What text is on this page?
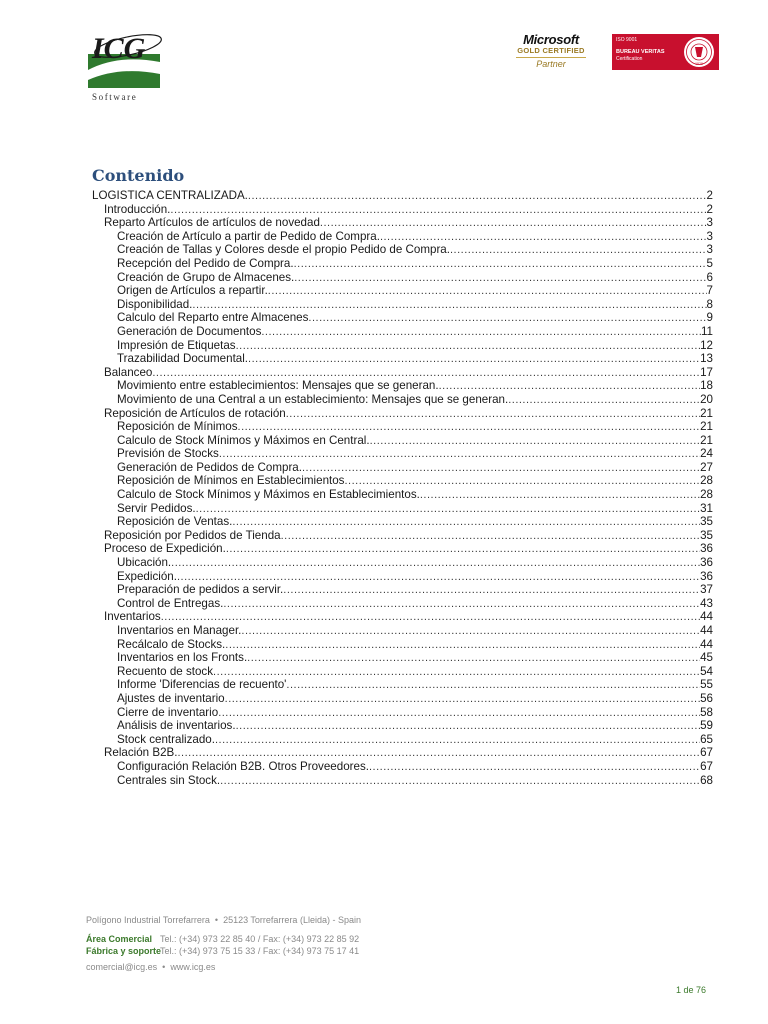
ICG
Software
Microsoft
GOLD CERTIFIED
Partner
ISO 9001
BUREAU VERITAS
Certification
1828
Contenido
LOGISTICA CENTRALIZADA. .....	2
Introducción. .....	2
Reparto Artículos de artículos de novedad .....	3
Creación de Artículo a partir de Pedido de Compra. .....	3
Creación de Tallas y Colores desde el propio Pedido de Compra. .....	3
Recepción del Pedido de Compra. .....	5
Creación de Grupo de Almacenes. .....	6
Origen de Artículos a repartir. .....	7
Disponibilidad. .....	8
Calculo del Reparto entre Almacenes .....	9
Generación de Documentos .....	11
Impresión de Etiquetas .....	12
Trazabilidad Documental. .....	13
Balanceo .....	17
Movimiento entre establecimientos: Mensajes que se generan. .....	18
Movimiento de una Central a un establecimiento: Mensajes que se generan. .....	20
Reposición de Artículos de rotación .....	21
Reposición de Mínimos .....	21
Calculo de Stock Mínimos y Máximos en Central. .....	21
Previsión de Stocks .....	24
Generación de Pedidos de Compra. .....	27
Reposición de Mínimos en Establecimientos .....	28
Calculo de Stock Mínimos y Máximos en Establecimientos. .....	28
Servir Pedidos. .....	31
Reposición de Ventas. .....	35
Reposición por Pedidos de Tienda .....	35
Proceso de Expedición. .....	36
Ubicación. .....	36
Expedición. .....	36
Preparación de pedidos a servir. .....	37
Control de Entregas. .....	43
Inventarios .....	44
Inventarios en Manager. .....	44
Recálcalo de Stocks. .....	44
Inventarios en los Fronts. .....	45
Recuento de stock .....	54
Informe 'Diferencias de recuento' .....	55
Ajustes de inventario .....	56
Cierre de inventario .....	58
Análisis de inventarios. .....	59
Stock centralizado. .....	65
Relación B2B. .....	67
Configuración Relación B2B. Otros Proveedores. .....	67
Centrales sin Stock. .....	68
Polígono Industrial Torrefarrera • 25123 Torrefarrera (Lleida) - Spain
Área Comercial Tel.: (+34) 973 22 85 40 / Fax: (+34) 973 22 85 92
Fábrica y soporteTel.: (+34) 973 75 15 33 / Fax: (+34) 973 75 17 41
comercial@icg.es • www.icg.es
1 de 76
